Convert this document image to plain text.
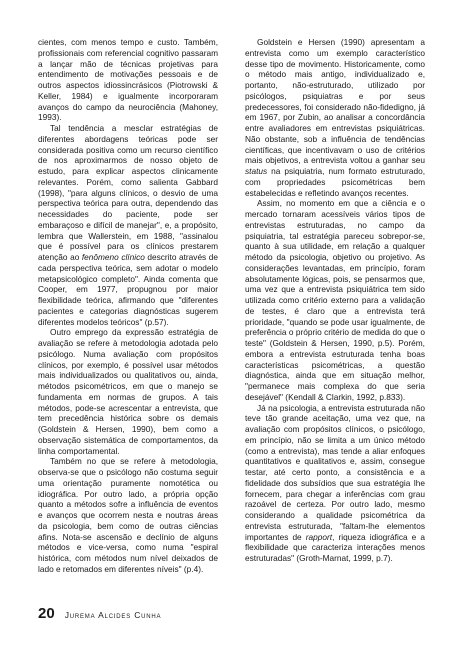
cientes, com menos tempo e custo. Também, profissionais com referencial cognitivo passaram a lançar mão de técnicas projetivas para entendimento de motivações pessoais e de outros aspectos idiossincrásicos (Piotrowski & Keller, 1984) e igualmente incorporaram avanços do campo da neurociência (Mahoney, 1993).

Tal tendência a mesclar estratégias de diferentes abordagens teóricas pode ser considerada positiva como um recurso científico de nos aproximarmos de nosso objeto de estudo, para explicar aspectos clinicamente relevantes. Porém, como salienta Gabbard (1998), "para alguns clínicos, o desvio de uma perspectiva teórica para outra, dependendo das necessidades do paciente, pode ser embaraçoso e difícil de manejar", e, a propósito, lembra que Wallerstein, em 1988, "assinalou que é possível para os clínicos prestarem atenção ao fenômeno clínico descrito através de cada perspectiva teórica, sem adotar o modelo metapsicológico completo". Ainda comenta que Cooper, em 1977, propugnou por maior flexibilidade teórica, afirmando que "diferentes pacientes e categorias diagnósticas sugerem diferentes modelos teóricos" (p.57).

Outro emprego da expressão estratégia de avaliação se refere à metodologia adotada pelo psicólogo. Numa avaliação com propósitos clínicos, por exemplo, é possível usar métodos mais individualizados ou qualitativos ou, ainda, métodos psicométricos, em que o manejo se fundamenta em normas de grupos. A tais métodos, pode-se acrescentar a entrevista, que tem precedência histórica sobre os demais (Goldstein & Hersen, 1990), bem como a observação sistemática de comportamentos, da linha comportamental.

Também no que se refere à metodologia, observa-se que o psicólogo não costuma seguir uma orientação puramente nomotética ou idiográfica. Por outro lado, a própria opção quanto a métodos sofre a influência de eventos e avanços que ocorrem nesta e noutras áreas da psicologia, bem como de outras ciências afins. Nota-se ascensão e declínio de alguns métodos e vice-versa, como numa "espiral histórica, com métodos num nível deixados de lado e retomados em diferentes níveis" (p.4).

Goldstein e Hersen (1990) apresentam a entrevista como um exemplo característico desse tipo de movimento. Historicamente, como o método mais antigo, individualizado e, portanto, não-estruturado, utilizado por psicólogos, psiquiatras e por seus predecessores, foi considerado não-fidedigno, já em 1967, por Zubin, ao analisar a concordância entre avaliadores em entrevistas psiquiátricas. Não obstante, sob a influência de tendências científicas, que incentivavam o uso de critérios mais objetivos, a entrevista voltou a ganhar seu status na psiquiatria, num formato estruturado, com propriedades psicométricas bem estabelecidas e refletindo avanços recentes.

Assim, no momento em que a ciência e o mercado tornaram acessíveis vários tipos de entrevistas estruturadas, no campo da psiquiatria, tal estratégia pareceu sobrepor-se, quanto à sua utilidade, em relação a qualquer método da psicologia, objetivo ou projetivo. As considerações levantadas, em princípio, foram absolutamente lógicas, pois, se pensarmos que, uma vez que a entrevista psiquiátrica tem sido utilizada como critério externo para a validação de testes, é claro que a entrevista terá prioridade, "quando se pode usar igualmente, de preferência o próprio critério de medida do que o teste" (Goldstein & Hersen, 1990, p.5). Porém, embora a entrevista estruturada tenha boas características psicométricas, a questão diagnóstica, ainda que em situação melhor, "permanece mais complexa do que seria desejável" (Kendall & Clarkin, 1992, p.833).

Já na psicologia, a entrevista estruturada não teve tão grande aceitação, uma vez que, na avaliação com propósitos clínicos, o psicólogo, em princípio, não se limita a um único método (como a entrevista), mas tende a aliar enfoques quantitativos e qualitativos e, assim, consegue testar, até certo ponto, a consistência e a fidelidade dos subsídios que sua estratégia lhe fornecem, para chegar a inferências com grau razoável de certeza. Por outro lado, mesmo considerando a qualidade psicométrica da entrevista estruturada, "faltam-lhe elementos importantes de rapport, riqueza idiográfica e a flexibilidade que caracteriza interações menos estruturadas" (Groth-Marnat, 1999, p.7).

20 Jurema Alcides Cunha
